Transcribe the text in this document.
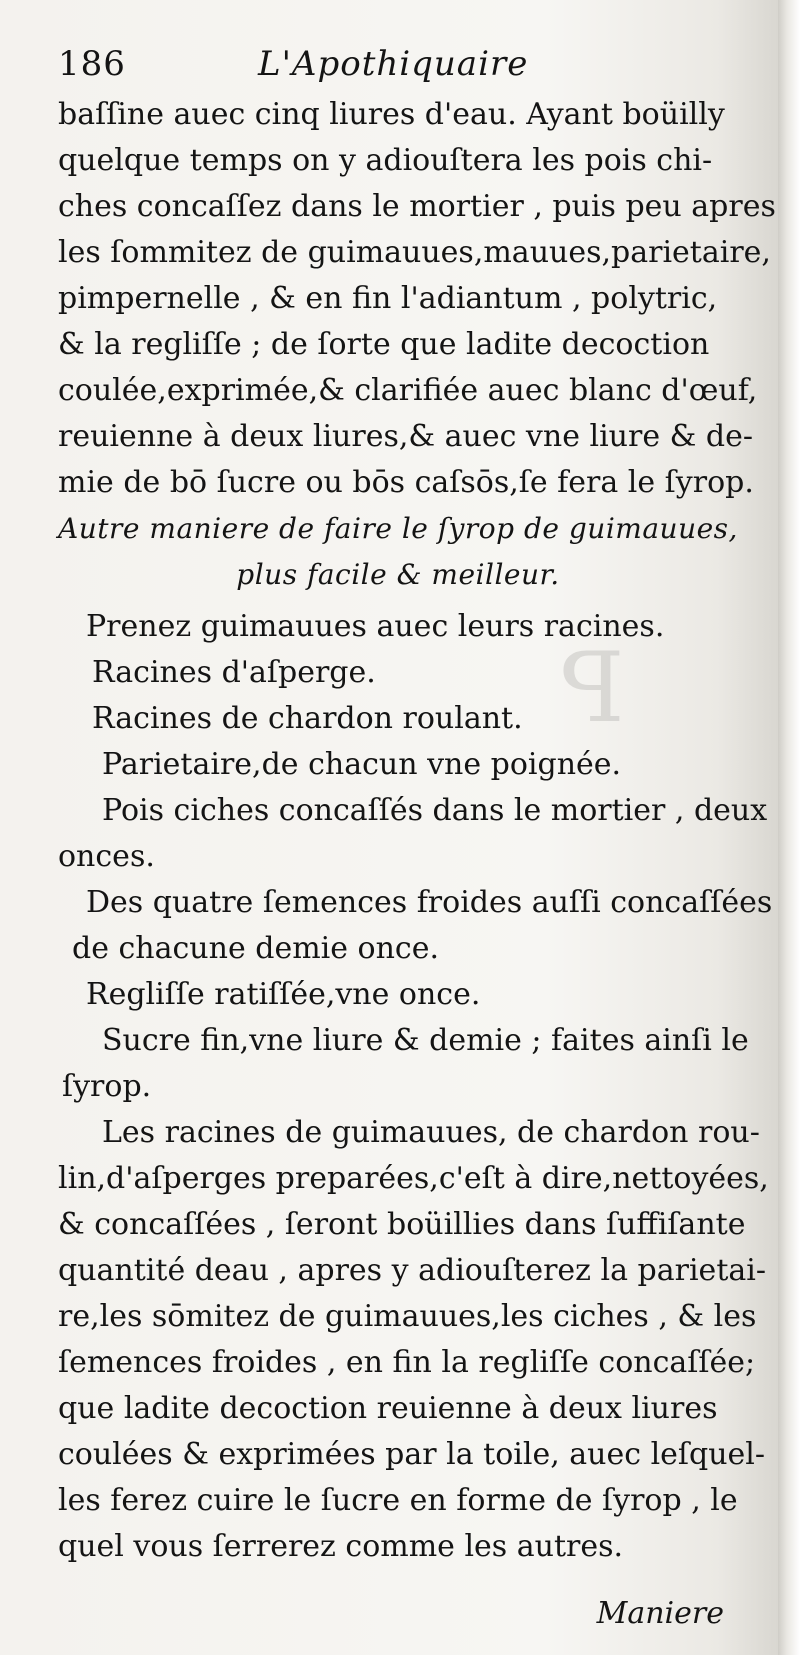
P
186	L'Apothiquaire
baſſine auec cinq liures d'eau. Ayant boüilly
quelque temps on y adiouſtera les pois chi-
ches concaſſez dans le mortier , puis peu apres
les ſommitez de guimauues,mauues,parietaire,
pimpernelle , & en fin l'adiantum , polytric,
& la regliſſe ; de ſorte que ladite decoction
coulée,exprimée,& clarifiée auec blanc d'œuf,
reuienne à deux liures,& auec vne liure & de-
mie de bō ſucre ou bōs caſsōs,ſe fera le ſyrop.
Autre maniere de faire le ſyrop de guimauues,
plus facile & meilleur.
Prenez guimauues auec leurs racines.
Racines d'aſperge.
Racines de chardon roulant.
Parietaire,de chacun vne poignée.
Pois ciches concaſſés dans le mortier , deux
onces.
Des quatre ſemences froides auſſi concaſſées
de chacune demie once.
Regliſſe ratiſſée,vne once.
Sucre fin,vne liure & demie ; faites ainſi le
ſyrop.
Les racines de guimauues, de chardon rou-
lin,d'aſperges preparées,c'eſt à dire,nettoyées,
& concaſſées , ſeront boüillies dans ſuffiſante
quantité deau , apres y adiouſterez la parietai-
re,les sōmitez de guimauues,les ciches , & les
ſemences froides , en fin la regliſſe concaſſée;
que ladite decoction reuienne à deux liures
coulées & exprimées par la toile, auec leſquel-
les ferez cuire le ſucre en forme de ſyrop , le
quel vous ſerrerez comme les autres.
Maniere
